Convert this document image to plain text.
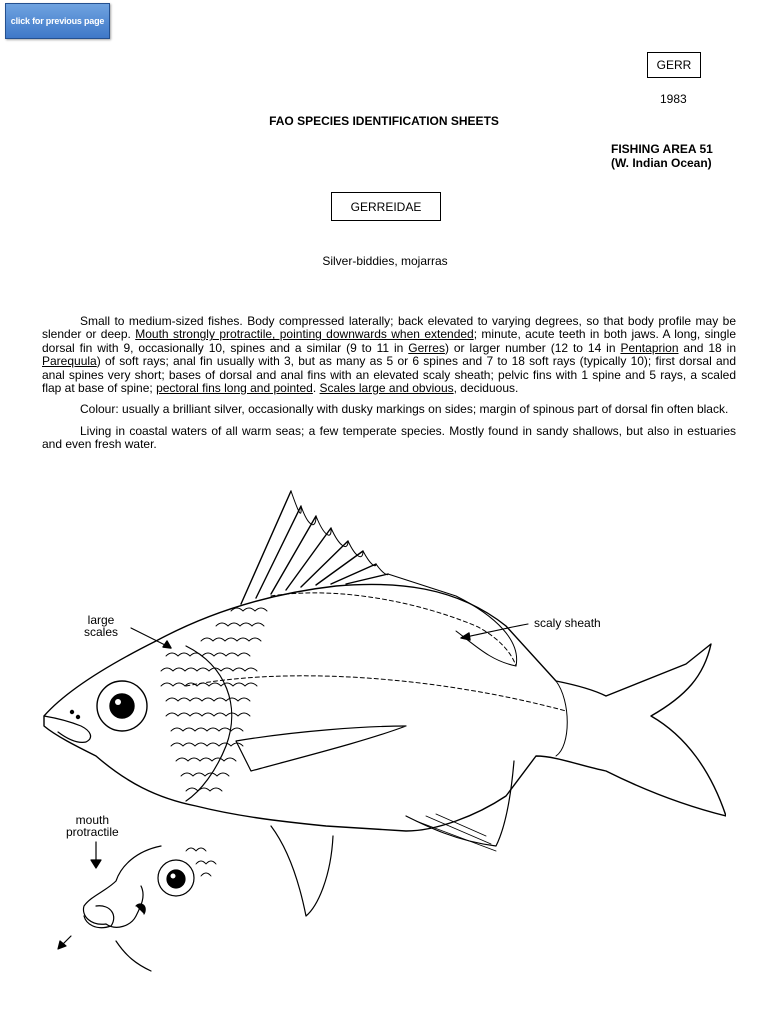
click for previous page
GERR
1983
FAO SPECIES IDENTIFICATION SHEETS
FISHING AREA 51
(W. Indian Ocean)
GERREIDAE
Silver-biddies, mojarras

Small to medium-sized fishes. Body compressed laterally; back elevated to varying degrees, so that body profile may be slender or deep. Mouth strongly protractile, pointing downwards when extended; minute, acute teeth in both jaws. A long, single dorsal fin with 9, occasionally 10, spines and a similar (9 to 11 in Gerres) or larger number (12 to 14 in Pentaprion and 18 in Parequula) of soft rays; anal fin usually with 3, but as many as 5 or 6 spines and 7 to 18 soft rays (typically 10); first dorsal and anal spines very short; bases of dorsal and anal fins with an elevated scaly sheath; pelvic fins with 1 spine and 5 rays, a scaled flap at base of spine; pectoral fins long and pointed. Scales large and obvious, deciduous.

Colour: usually a brilliant silver, occasionally with dusky markings on sides; margin of spinous part of dorsal fin often black.

Living in coastal waters of all warm seas; a few temperate species. Mostly found in sandy shallows, but also in estuaries and even fresh water.

large
scales
scaly sheath
mouth
protractile
